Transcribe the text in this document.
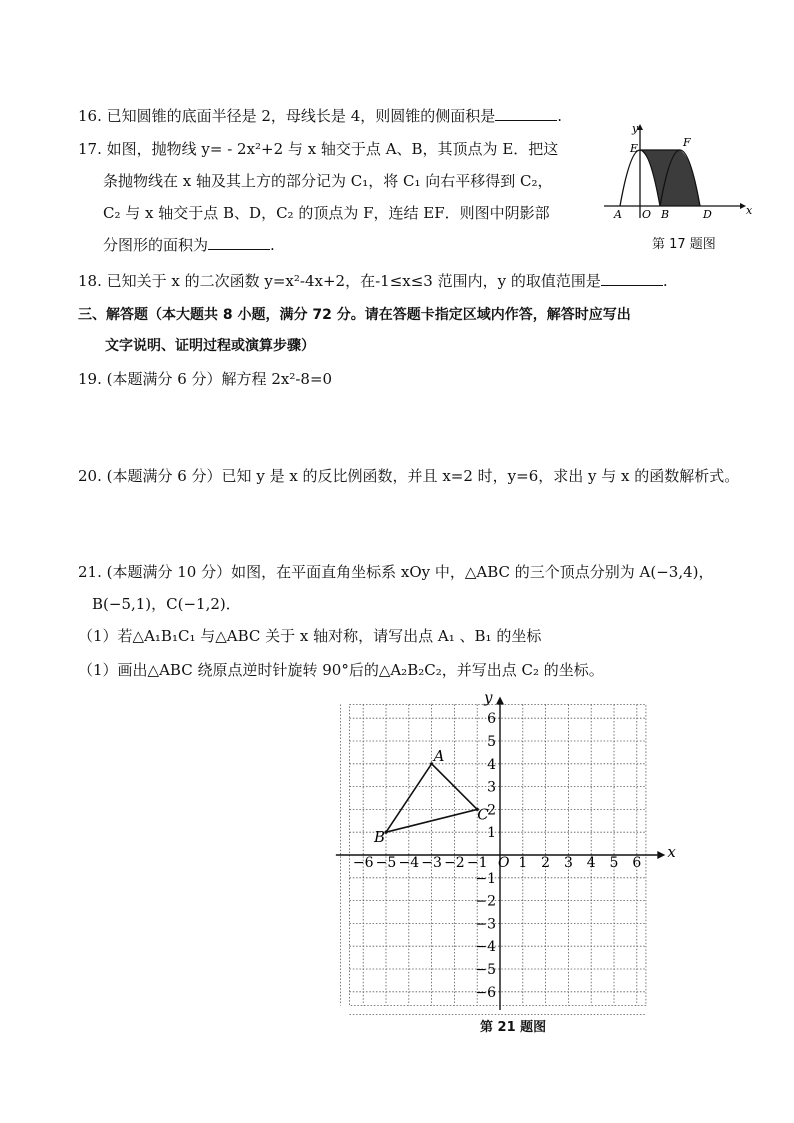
16. 已知圆锥的底面半径是 2，母线长是 4，则圆锥的侧面积是	.
17. 如图，抛物线 y= - 2x²+2 与 x 轴交于点 A、B，其顶点为 E．把这
条抛物线在 x 轴及其上方的部分记为 C₁，将 C₁ 向右平移得到 C₂，
C₂ 与 x 轴交于点 B、D，C₂ 的顶点为 F，连结 EF．则图中阴影部
分图形的面积为	.
y
x
E	F
A O B	D
第 17 题图
18. 已知关于 x 的二次函数 y=x²-4x+2，在-1≤x≤3 范围内，y 的取值范围是	.
三、解答题（本大题共 8 小题，满分 72 分。请在答题卡指定区域内作答，解答时应写出
文字说明、证明过程或演算步骤）
19. (本题满分 6 分）解方程 2x²-8=0
20. (本题满分 6 分）已知 y 是 x 的反比例函数，并且 x=2 时，y=6，求出 y 与 x 的函数解析式。
21. (本题满分 10 分）如图，在平面直角坐标系 xOy 中，△ABC 的三个顶点分别为 A(−3,4)，
B(−5,1)，C(−1,2)．
（1）若△A₁B₁C₁ 与△ABC 关于 x 轴对称，请写出点 A₁ 、B₁ 的坐标
（1）画出△ABC 绕原点逆时针旋转 90°后的△A₂B₂C₂，并写出点 C₂ 的坐标。
x
y
O
−6 −5 −4 −3 −2 −1 1 2 3 4 5 6
6
5
4
3
2
1
−1
−2
−3
−4
−5
−6
A
B
C
第 21 题图
